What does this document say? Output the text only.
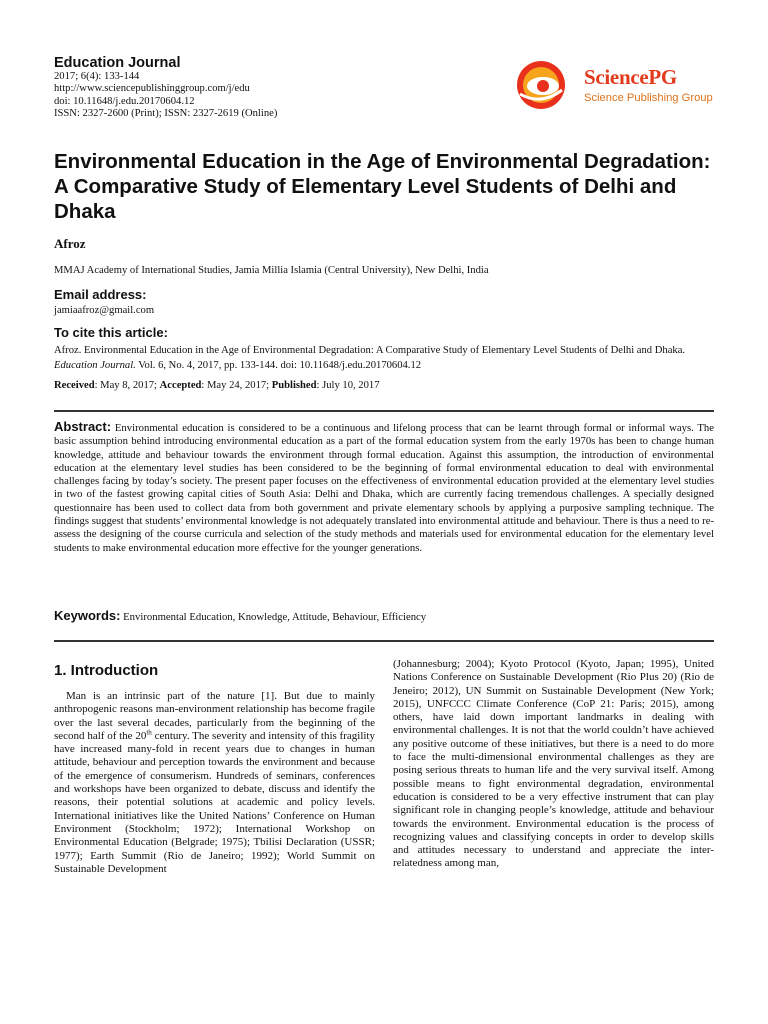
Education Journal
2017; 6(4): 133-144
http://www.sciencepublishinggroup.com/j/edu
doi: 10.11648/j.edu.20170604.12
ISSN: 2327-2600 (Print); ISSN: 2327-2619 (Online)
SciencePG
Science Publishing Group
Environmental Education in the Age of Environmental Degradation: A Comparative Study of Elementary Level Students of Delhi and Dhaka
Afroz
MMAJ Academy of International Studies, Jamia Millia Islamia (Central University), New Delhi, India
Email address:
jamiaafroz@gmail.com
To cite this article:
Afroz. Environmental Education in the Age of Environmental Degradation: A Comparative Study of Elementary Level Students of Delhi and Dhaka. Education Journal. Vol. 6, No. 4, 2017, pp. 133-144. doi: 10.11648/j.edu.20170604.12
Received: May 8, 2017; Accepted: May 24, 2017; Published: July 10, 2017
Abstract: Environmental education is considered to be a continuous and lifelong process that can be learnt through formal or informal ways. The basic assumption behind introducing environmental education as a part of the formal education system from the early 1970s has been to change human knowledge, attitude and behaviour towards the environment through formal education. Against this assumption, the introduction of environmental education at the elementary level studies has been considered to be the beginning of formal environmental education to deal with environmental challenges facing by today’s society. The present paper focuses on the effectiveness of environmental education provided at the elementary level studies in two of the fastest growing capital cities of South Asia: Delhi and Dhaka, which are currently facing tremendous challenges. A specially designed questionnaire has been used to collect data from both government and private elementary schools by applying a purposive sampling technique. The findings suggest that students’ environmental knowledge is not adequately translated into environmental attitude and behaviour. There is thus a need to re-assess the designing of the course curricula and selection of the study methods and materials used for environmental education for the elementary level students to make environmental education more effective for the younger generations.
Keywords: Environmental Education, Knowledge, Attitude, Behaviour, Efficiency
1. Introduction
Man is an intrinsic part of the nature [1]. But due to mainly anthropogenic reasons man-environment relationship has become fragile over the last several decades, particularly from the beginning of the second half of the 20th century. The severity and intensity of this fragility have increased many-fold in recent years due to changes in human attitude, behaviour and perception towards the environment and because of the emergence of consumerism. Hundreds of seminars, conferences and workshops have been organized to debate, discuss and identify the reasons, their potential solutions at academic and policy levels. International initiatives like the United Nations’ Conference on Human Environment (Stockholm; 1972); International Workshop on Environmental Education (Belgrade; 1975); Tbilisi Declaration (USSR; 1977); Earth Summit (Rio de Janeiro; 1992); World Summit on Sustainable Development
(Johannesburg; 2004); Kyoto Protocol (Kyoto, Japan; 1995), United Nations Conference on Sustainable Development (Rio Plus 20) (Rio de Jeneiro; 2012), UN Summit on Sustainable Development (New York; 2015), UNFCCC Climate Conference (CoP 21: Paris; 2015), among others, have laid down important landmarks in dealing with environmental challenges. It is not that the world couldn’t have achieved any positive outcome of these initiatives, but there is a need to do more to face the multi-dimensional environmental challenges as they are posing serious threats to human life and the very survival itself. Among possible means to fight environmental degradation, environmental education is considered to be a very effective instrument that can play significant role in changing people’s knowledge, attitude and behaviour towards the environment. Environmental education is the process of recognizing values and classifying concepts in order to develop skills and attitudes necessary to understand and appreciate the inter-relatedness among man,
